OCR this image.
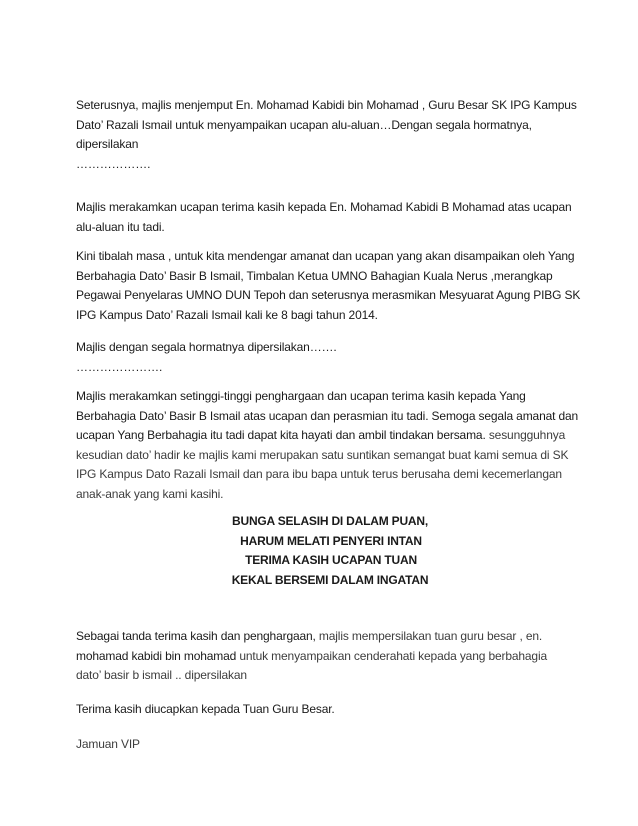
Seterusnya, majlis menjemput En. Mohamad Kabidi bin Mohamad , Guru Besar SK IPG Kampus
Dato’ Razali Ismail untuk menyampaikan ucapan alu-aluan…Dengan segala hormatnya,
dipersilakan
……………….

Majlis merakamkan ucapan terima kasih kepada En. Mohamad Kabidi B Mohamad atas ucapan
alu-aluan itu tadi.

Kini tibalah masa , untuk kita mendengar amanat dan ucapan yang akan disampaikan oleh Yang
Berbahagia Dato’ Basir B Ismail, Timbalan Ketua UMNO Bahagian Kuala Nerus ,merangkap
Pegawai Penyelaras UMNO DUN Tepoh dan seterusnya merasmikan Mesyuarat Agung PIBG SK
IPG Kampus Dato’ Razali Ismail kali ke 8 bagi tahun 2014.

Majlis dengan segala hormatnya dipersilakan…….
………………….

Majlis merakamkan setinggi-tinggi penghargaan dan ucapan terima kasih kepada Yang
Berbahagia Dato’ Basir B Ismail atas ucapan dan perasmian itu tadi. Semoga segala amanat dan
ucapan Yang Berbahagia itu tadi dapat kita hayati dan ambil tindakan bersama. sesungguhnya
kesudian dato’ hadir ke majlis kami merupakan satu suntikan semangat buat kami semua di SK
IPG Kampus Dato Razali Ismail dan para ibu bapa untuk terus berusaha demi kecemerlangan
anak-anak yang kami kasihi.

BUNGA SELASIH DI DALAM PUAN,
HARUM MELATI PENYERI INTAN
TERIMA KASIH UCAPAN TUAN
KEKAL BERSEMI DALAM INGATAN

Sebagai tanda terima kasih dan penghargaan, majlis mempersilakan tuan guru besar , en.
mohamad kabidi bin mohamad untuk menyampaikan cenderahati kepada yang berbahagia
dato’ basir b ismail .. dipersilakan

Terima kasih diucapkan kepada Tuan Guru Besar.

Jamuan VIP
